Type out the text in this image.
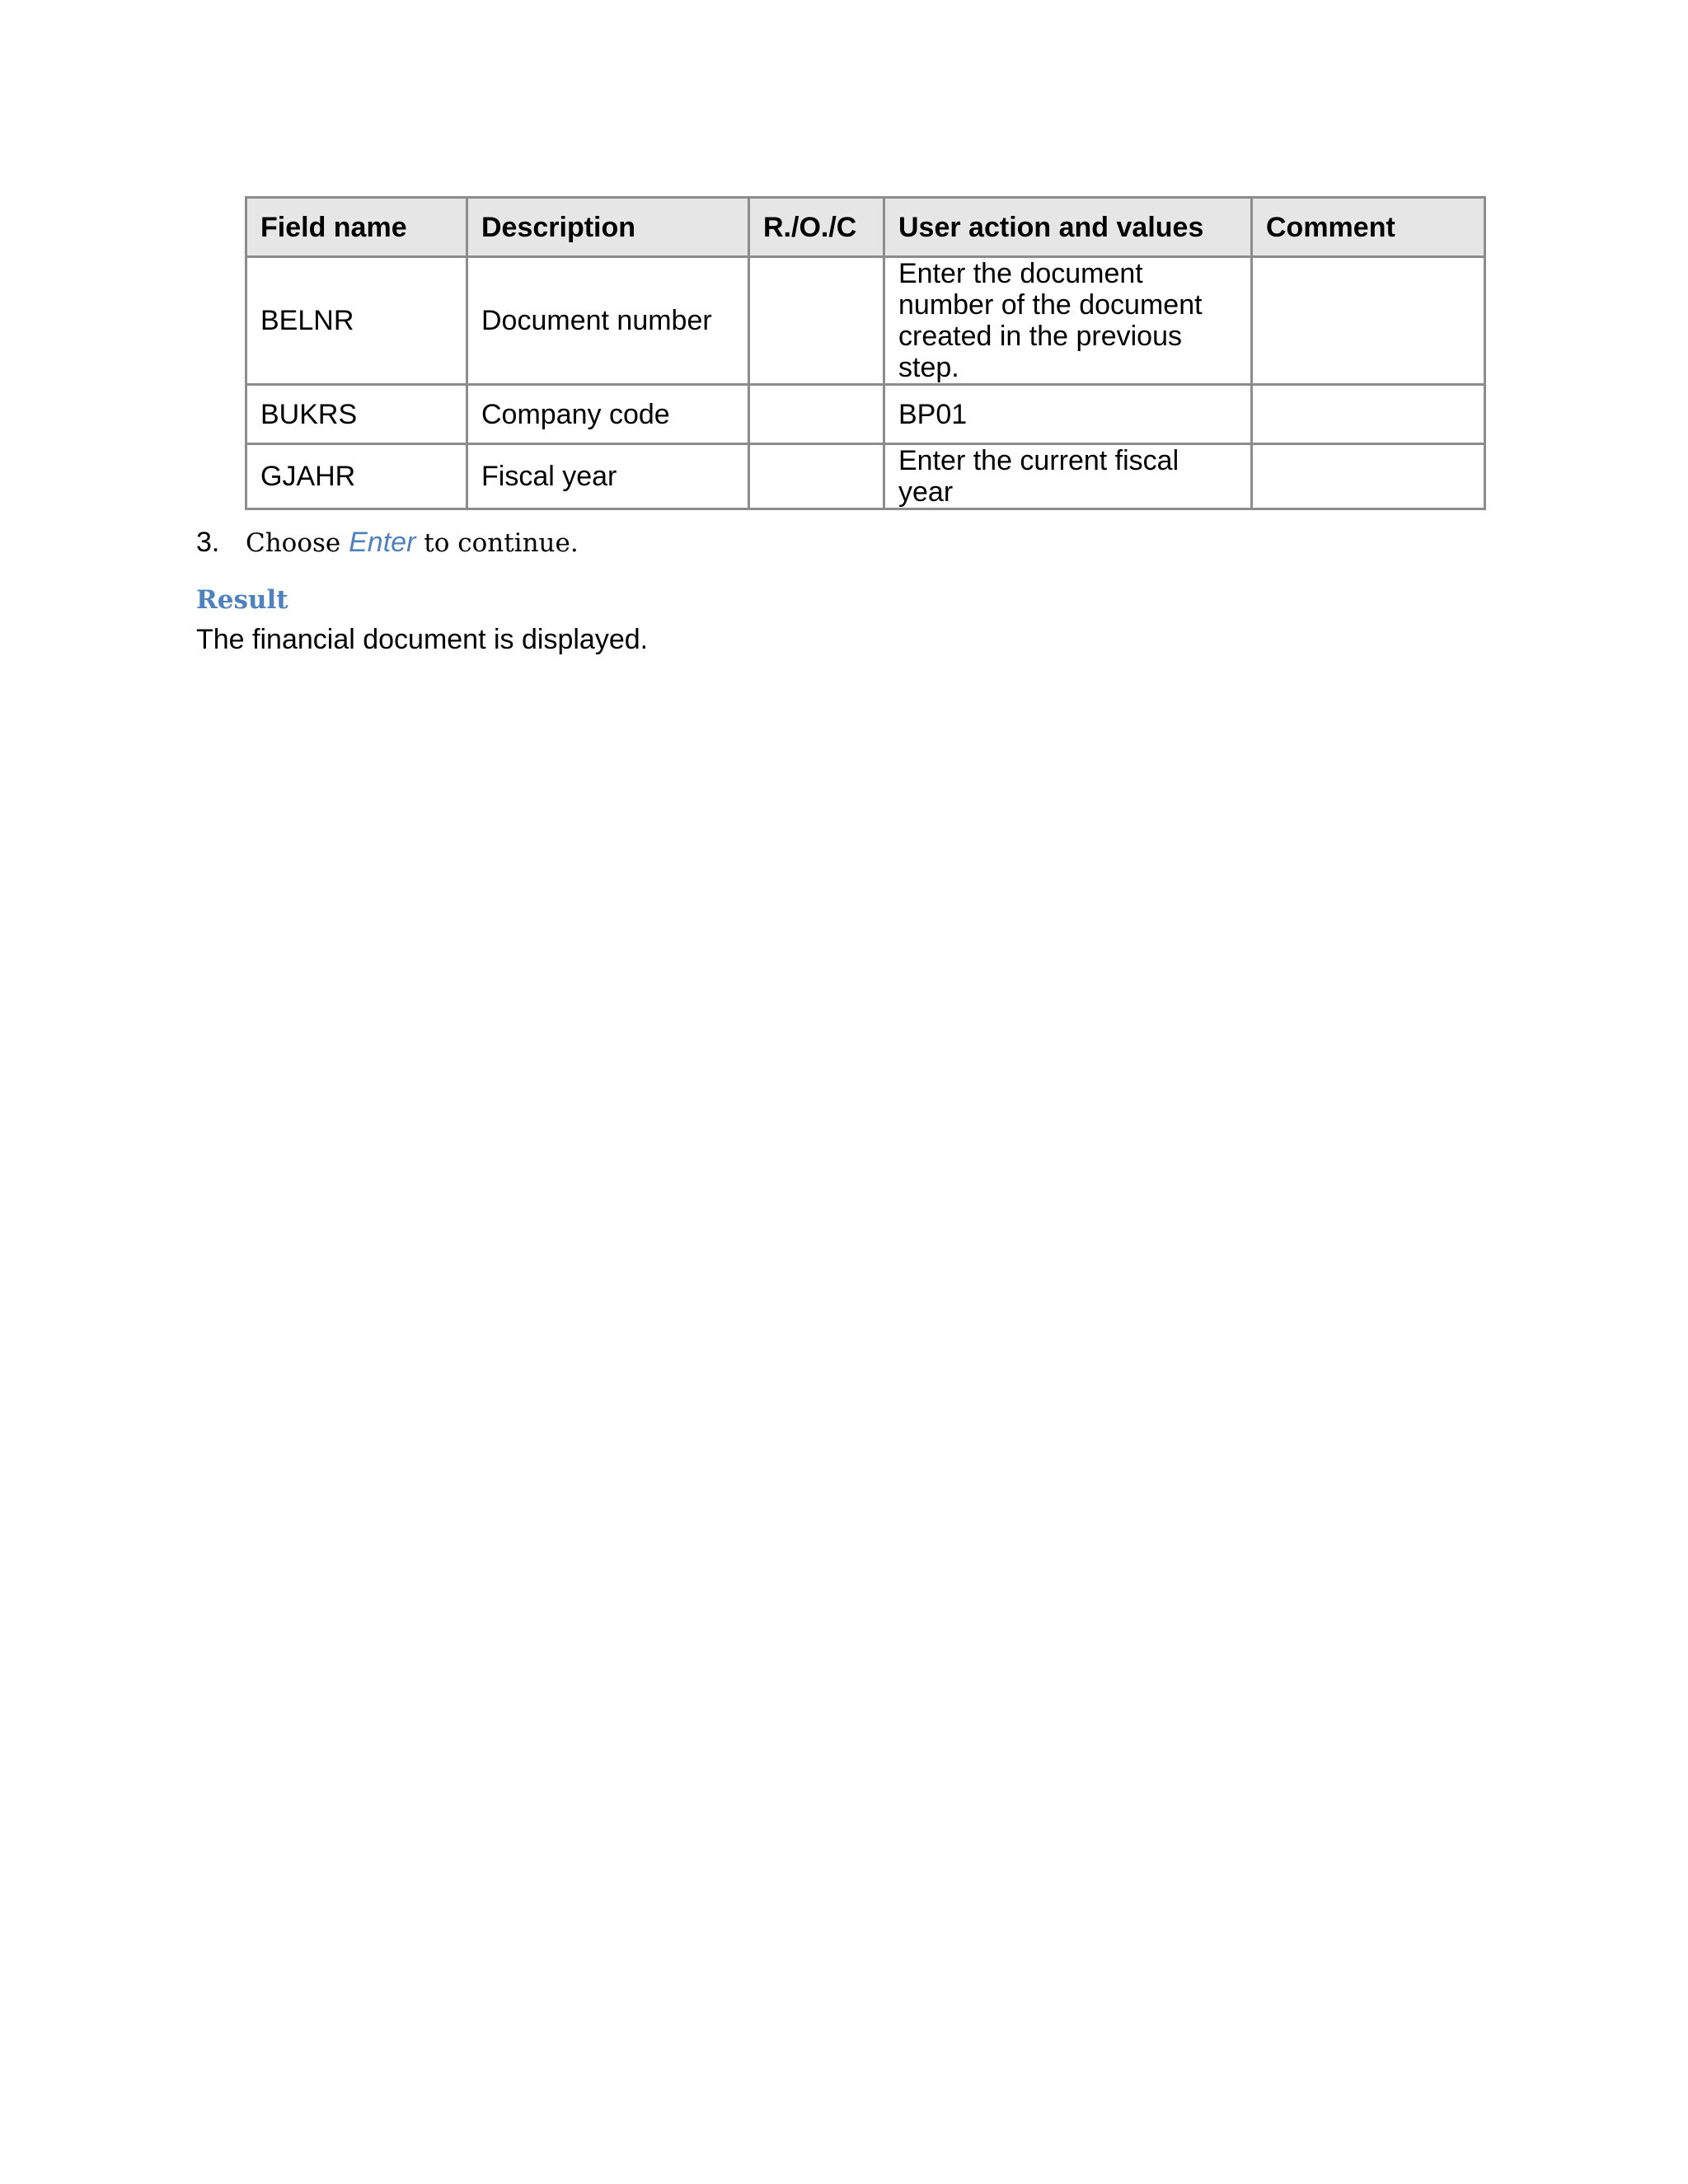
Field name	Description	R./O./C	User action and values	Comment
BELNR	Document number		Enter the document number of the document created in the previous step.	
BUKRS	Company code		BP01	
GJAHR	Fiscal year		Enter the current fiscal year	
3. Choose Enter to continue.
Result
The financial document is displayed.
